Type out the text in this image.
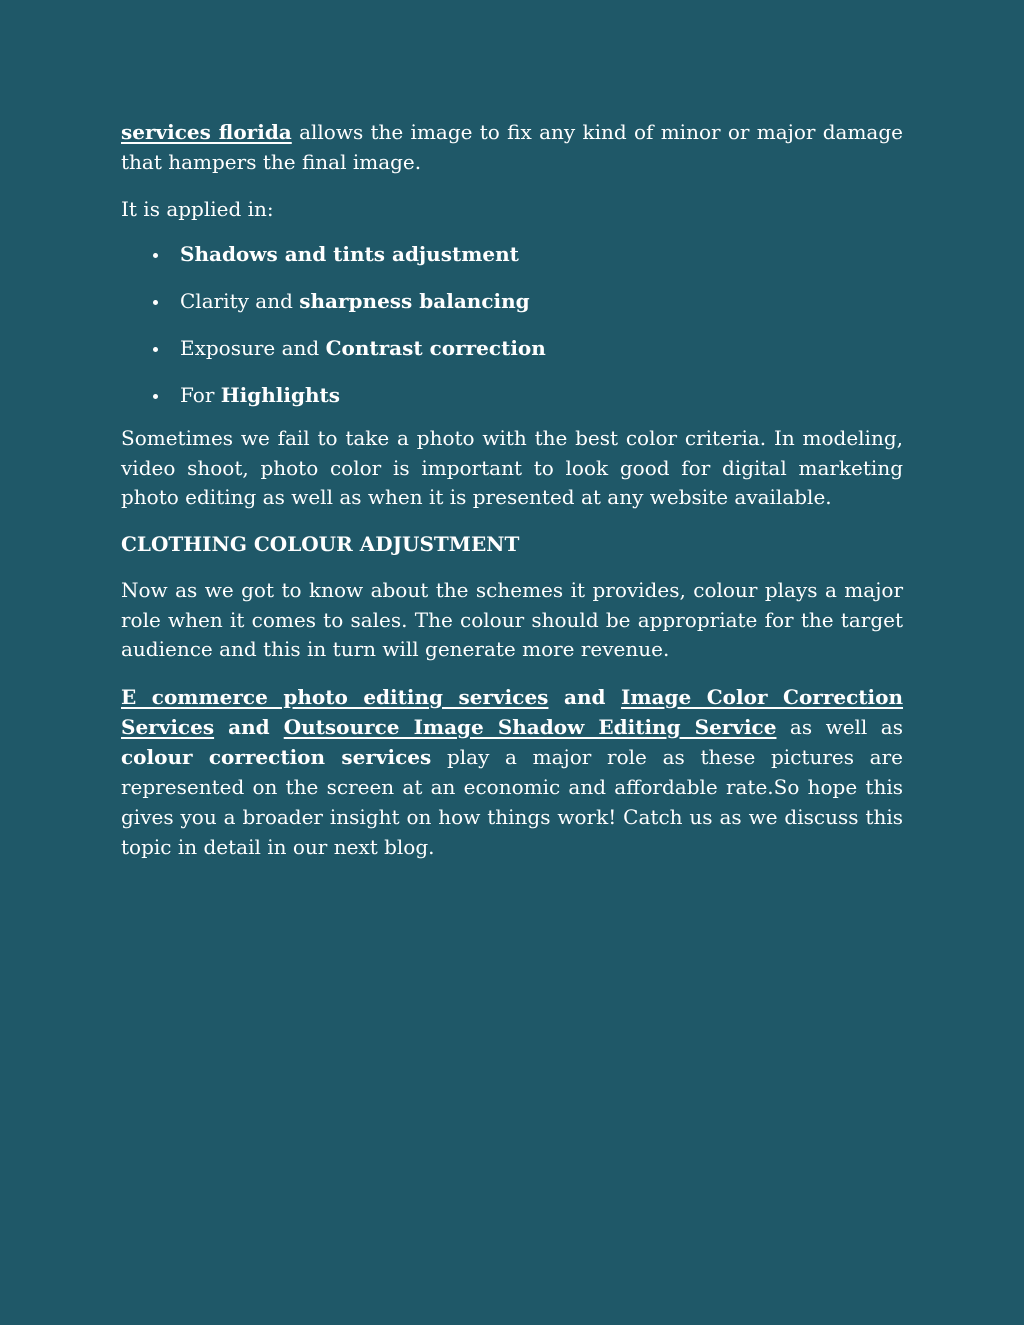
services florida allows the image to fix any kind of minor or major damage that hampers the final image.

It is applied in:

Shadows and tints adjustment
Clarity and sharpness balancing
Exposure and Contrast correction
For Highlights

Sometimes we fail to take a photo with the best color criteria. In modeling, video shoot, photo color is important to look good for digital marketing photo editing as well as when it is presented at any website available.

CLOTHING COLOUR ADJUSTMENT

Now as we got to know about the schemes it provides, colour plays a major role when it comes to sales. The colour should be appropriate for the target audience and this in turn will generate more revenue.

E commerce photo editing services and Image Color Correction Services and Outsource Image Shadow Editing Service as well as colour correction services play a major role as these pictures are represented on the screen at an economic and affordable rate.So hope this gives you a broader insight on how things work! Catch us as we discuss this topic in detail in our next blog.
